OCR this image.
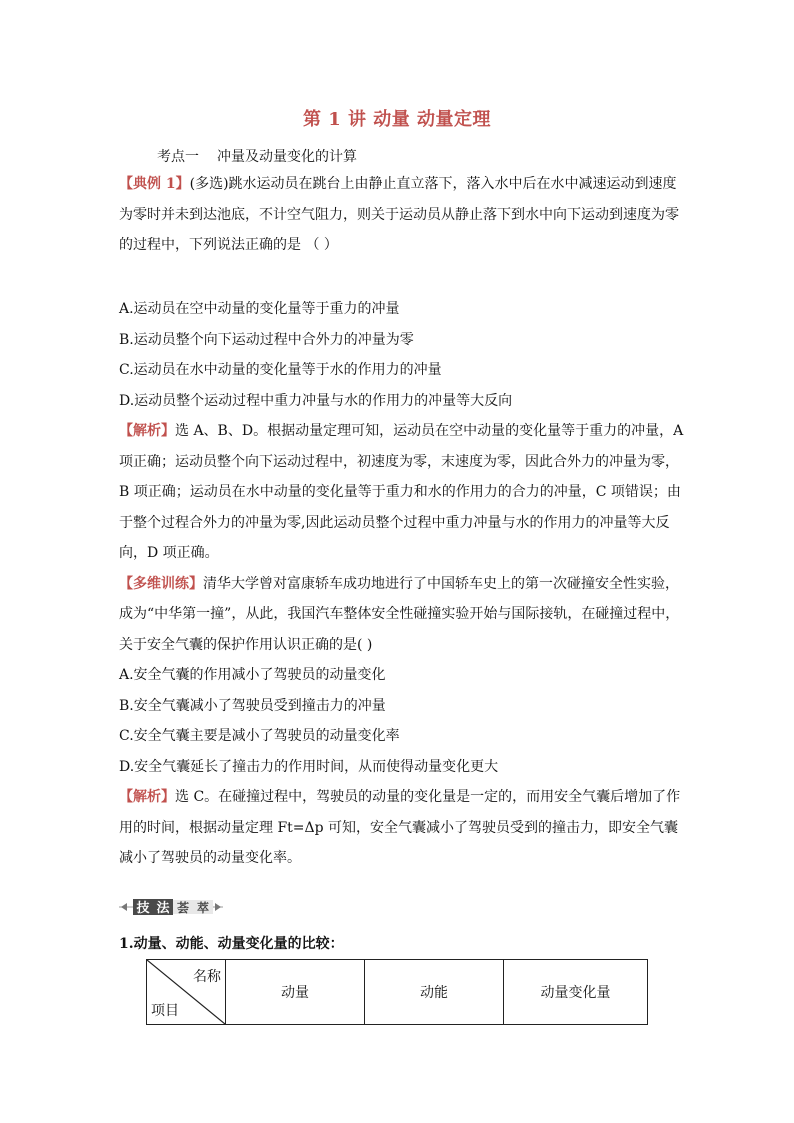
第 1 讲 动量 动量定理
考点一 冲量及动量变化的计算
【典例 1】(多选)跳水运动员在跳台上由静止直立落下，落入水中后在水中减速运动到速度
为零时并未到达池底，不计空气阻力，则关于运动员从静止落下到水中向下运动到速度为零
的过程中，下列说法正确的是 （ ）
A.运动员在空中动量的变化量等于重力的冲量
B.运动员整个向下运动过程中合外力的冲量为零
C.运动员在水中动量的变化量等于水的作用力的冲量
D.运动员整个运动过程中重力冲量与水的作用力的冲量等大反向
【解析】选 A、B、D。根据动量定理可知，运动员在空中动量的变化量等于重力的冲量，A
项正确；运动员整个向下运动过程中，初速度为零，末速度为零，因此合外力的冲量为零，
B 项正确；运动员在水中动量的变化量等于重力和水的作用力的合力的冲量，C 项错误；由
于整个过程合外力的冲量为零,因此运动员整个过程中重力冲量与水的作用力的冲量等大反
向，D 项正确。
【多维训练】清华大学曾对富康轿车成功地进行了中国轿车史上的第一次碰撞安全性实验，
成为“中华第一撞”，从此，我国汽车整体安全性碰撞实验开始与国际接轨，在碰撞过程中，
关于安全气囊的保护作用认识正确的是( )
A.安全气囊的作用减小了驾驶员的动量变化
B.安全气囊减小了驾驶员受到撞击力的冲量
C.安全气囊主要是减小了驾驶员的动量变化率
D.安全气囊延长了撞击力的作用时间，从而使得动量变化更大
【解析】选 C。在碰撞过程中，驾驶员的动量的变化量是一定的，而用安全气囊后增加了作
用的时间，根据动量定理 Ft=Δp 可知，安全气囊减小了驾驶员受到的撞击力，即安全气囊
减小了驾驶员的动量变化率。
技 法 荟 萃
1.动量、动能、动量变化量的比较：
名称
项目
	动量	动能	动量变化量
